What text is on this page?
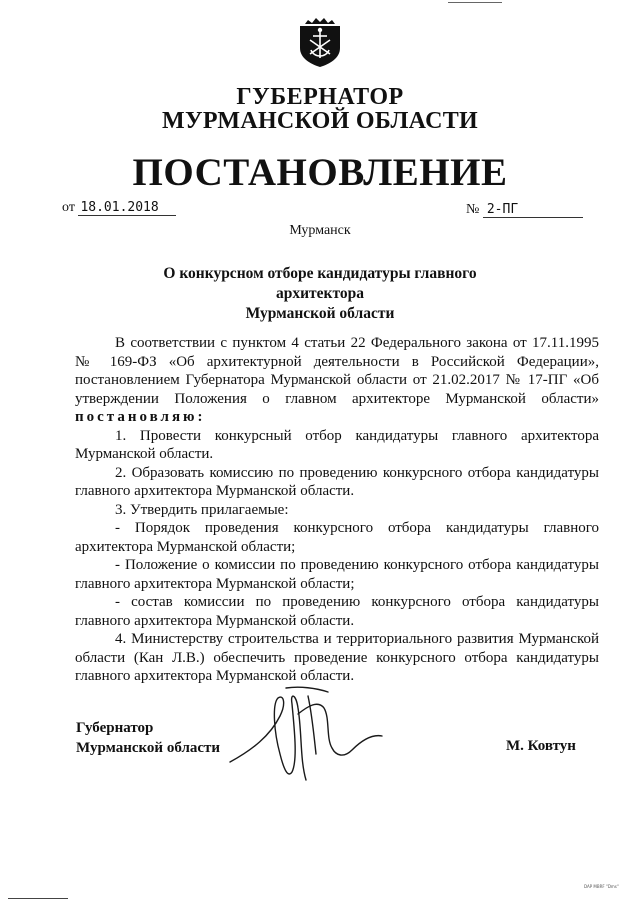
ГУБЕРНАТОР
МУРМАНСКОЙ ОБЛАСТИ
ПОСТАНОВЛЕНИЕ
от 18.01.2018	№ 2-ПГ
Мурманск
О конкурсном отборе кандидатуры главного архитектора
Мурманской области

В соответствии с пунктом 4 статьи 22 Федерального закона от 17.11.1995 № 169-ФЗ «Об архитектурной деятельности в Российской Федерации», постановлением Губернатора Мурманской области от 21.02.2017 № 17-ПГ «Об утверждении Положения о главном архитекторе Мурманской области» постановляю:

1. Провести конкурсный отбор кандидатуры главного архитектора Мурманской области.

2. Образовать комиссию по проведению конкурсного отбора кандидатуры главного архитектора Мурманской области.

3. Утвердить прилагаемые:

- Порядок проведения конкурсного отбора кандидатуры главного архитектора Мурманской области;

- Положение о комиссии по проведению конкурсного отбора кандидатуры главного архитектора Мурманской области;

- состав комиссии по проведению конкурсного отбора кандидатуры главного архитектора Мурманской области.

4. Министерству строительства и территориального развития Мурманской области (Кан Л.В.) обеспечить проведение конкурсного отбора кандидатуры главного архитектора Мурманской области.

Губернатор
Мурманской области	М. Ковтун
DAP MBRF "Dms"
